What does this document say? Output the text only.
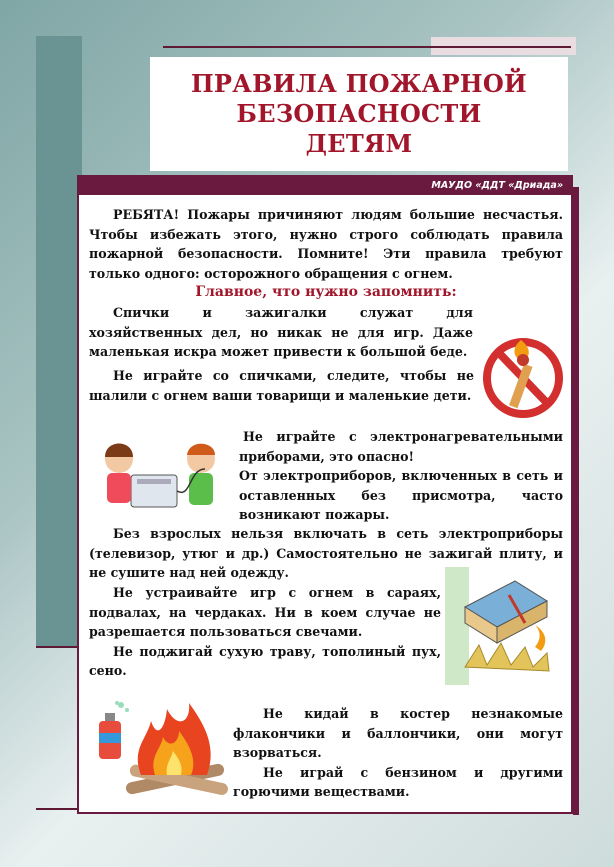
ПРАВИЛА ПОЖАРНОЙ
БЕЗОПАСНОСТИ
ДЕТЯМ
МАУДО «ДДТ «Дриада»

РЕБЯТА! Пожары причиняют людям большие несчастья. Чтобы избежать этого, нужно строго соблюдать правила пожарной безопасности. Помните! Эти правила требуют только одного: осторожного обращения с огнем.

Главное, что нужно запомнить:

Спички и зажигалки служат для хозяйственных дел, но никак не для игр. Даже маленькая искра может привести к большой беде.

Не играйте со спичками, следите, чтобы не шалили с огнем ваши товарищи и маленькие дети.

Не играйте с электронагревательными приборами, это опасно!

От электроприборов, включенных в сеть и оставленных без присмотра, часто возникают пожары.

Без взрослых нельзя включать в сеть электроприборы (телевизор, утюг и др.) Самостоятельно не зажигай плиту, и не сушите над ней одежду.

Не устраивайте игр с огнем в сараях, подвалах, на чердаках. Ни в коем случае не разрешается пользоваться свечами.

Не поджигай сухую траву, тополиный пух, сено.

Не кидай в костер незнакомые флакончики и баллончики, они могут взорваться.

Не играй с бензином и другими горючими веществами.
